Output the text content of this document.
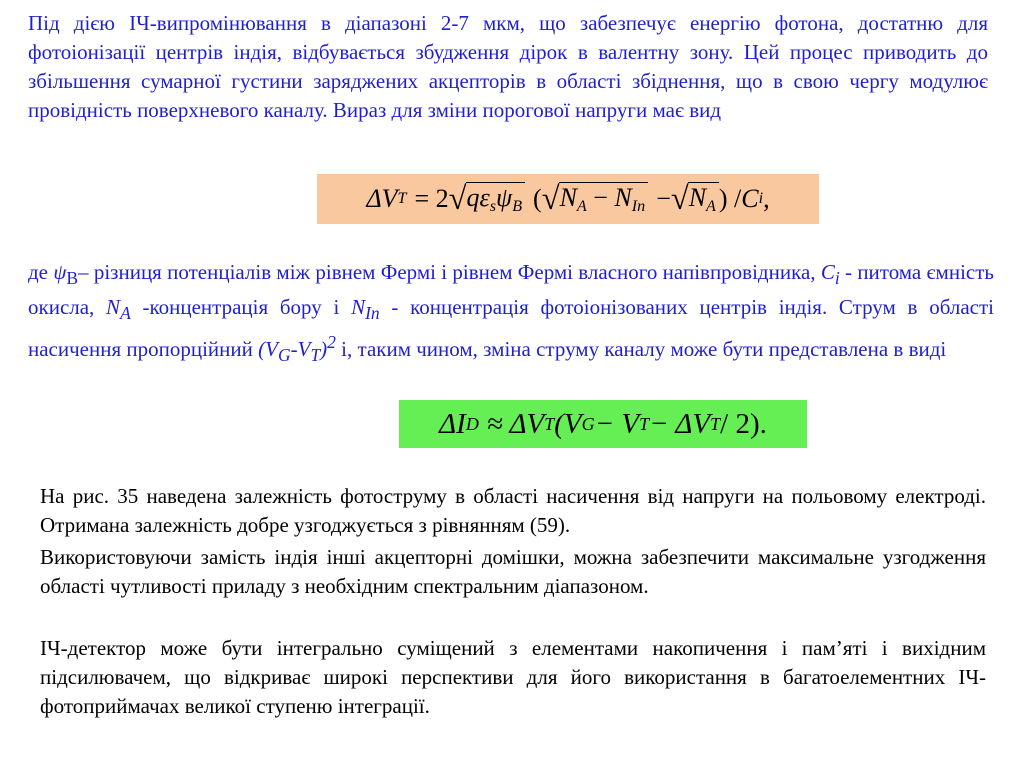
Під дією ІЧ-випромінювання в діапазоні 2-7 мкм, що забезпечує енергію фотона, достатню для фотоіонізації центрів індія, відбувається збудження дірок в валентну зону. Цей процес приводить до збільшення сумарної густини заряджених акцепторів в області збіднення, що в свою чергу модулює провідність поверхневого каналу. Вираз для зміни порогової напруги має вид

ΔV T = 2 √ $q\varepsilon_s\psi_B$ ( √ $N_A - N_{In}$ − √ $N_A$ ) / C i ,

де $\psi_B-$ різниця потенціалів між рівнем Фермі і рівнем Фермі власного напівпровідника, $C_i$ - питома ємність окисла, $N_A$ -концентрація бору і $N_{In}$ - концентрація фотоіонізованих центрів індія. Струм в області насичення пропорційний $(V_G-V_T)^2$ і, таким чином, зміна струму каналу може бути представлена в виді

ΔI D ≈ ΔV T (V G − V T − ΔV T / 2).

На рис. 35 наведена залежність фотоструму в області насичення від напруги на польовому електроді. Отримана залежність добре узгоджується з рівнянням (59).

Використовуючи замість індія інші акцепторні домішки, можна забезпечити максимальне узгодження області чутливості приладу з необхідним спектральним діапазоном.

ІЧ-детектор може бути інтегрально суміщений з елементами накопичення і пам’яті і вихідним підсилювачем, що відкриває широкі перспективи для його використання в багатоелементних ІЧ-фотоприймачах великої ступеню інтеграції.
